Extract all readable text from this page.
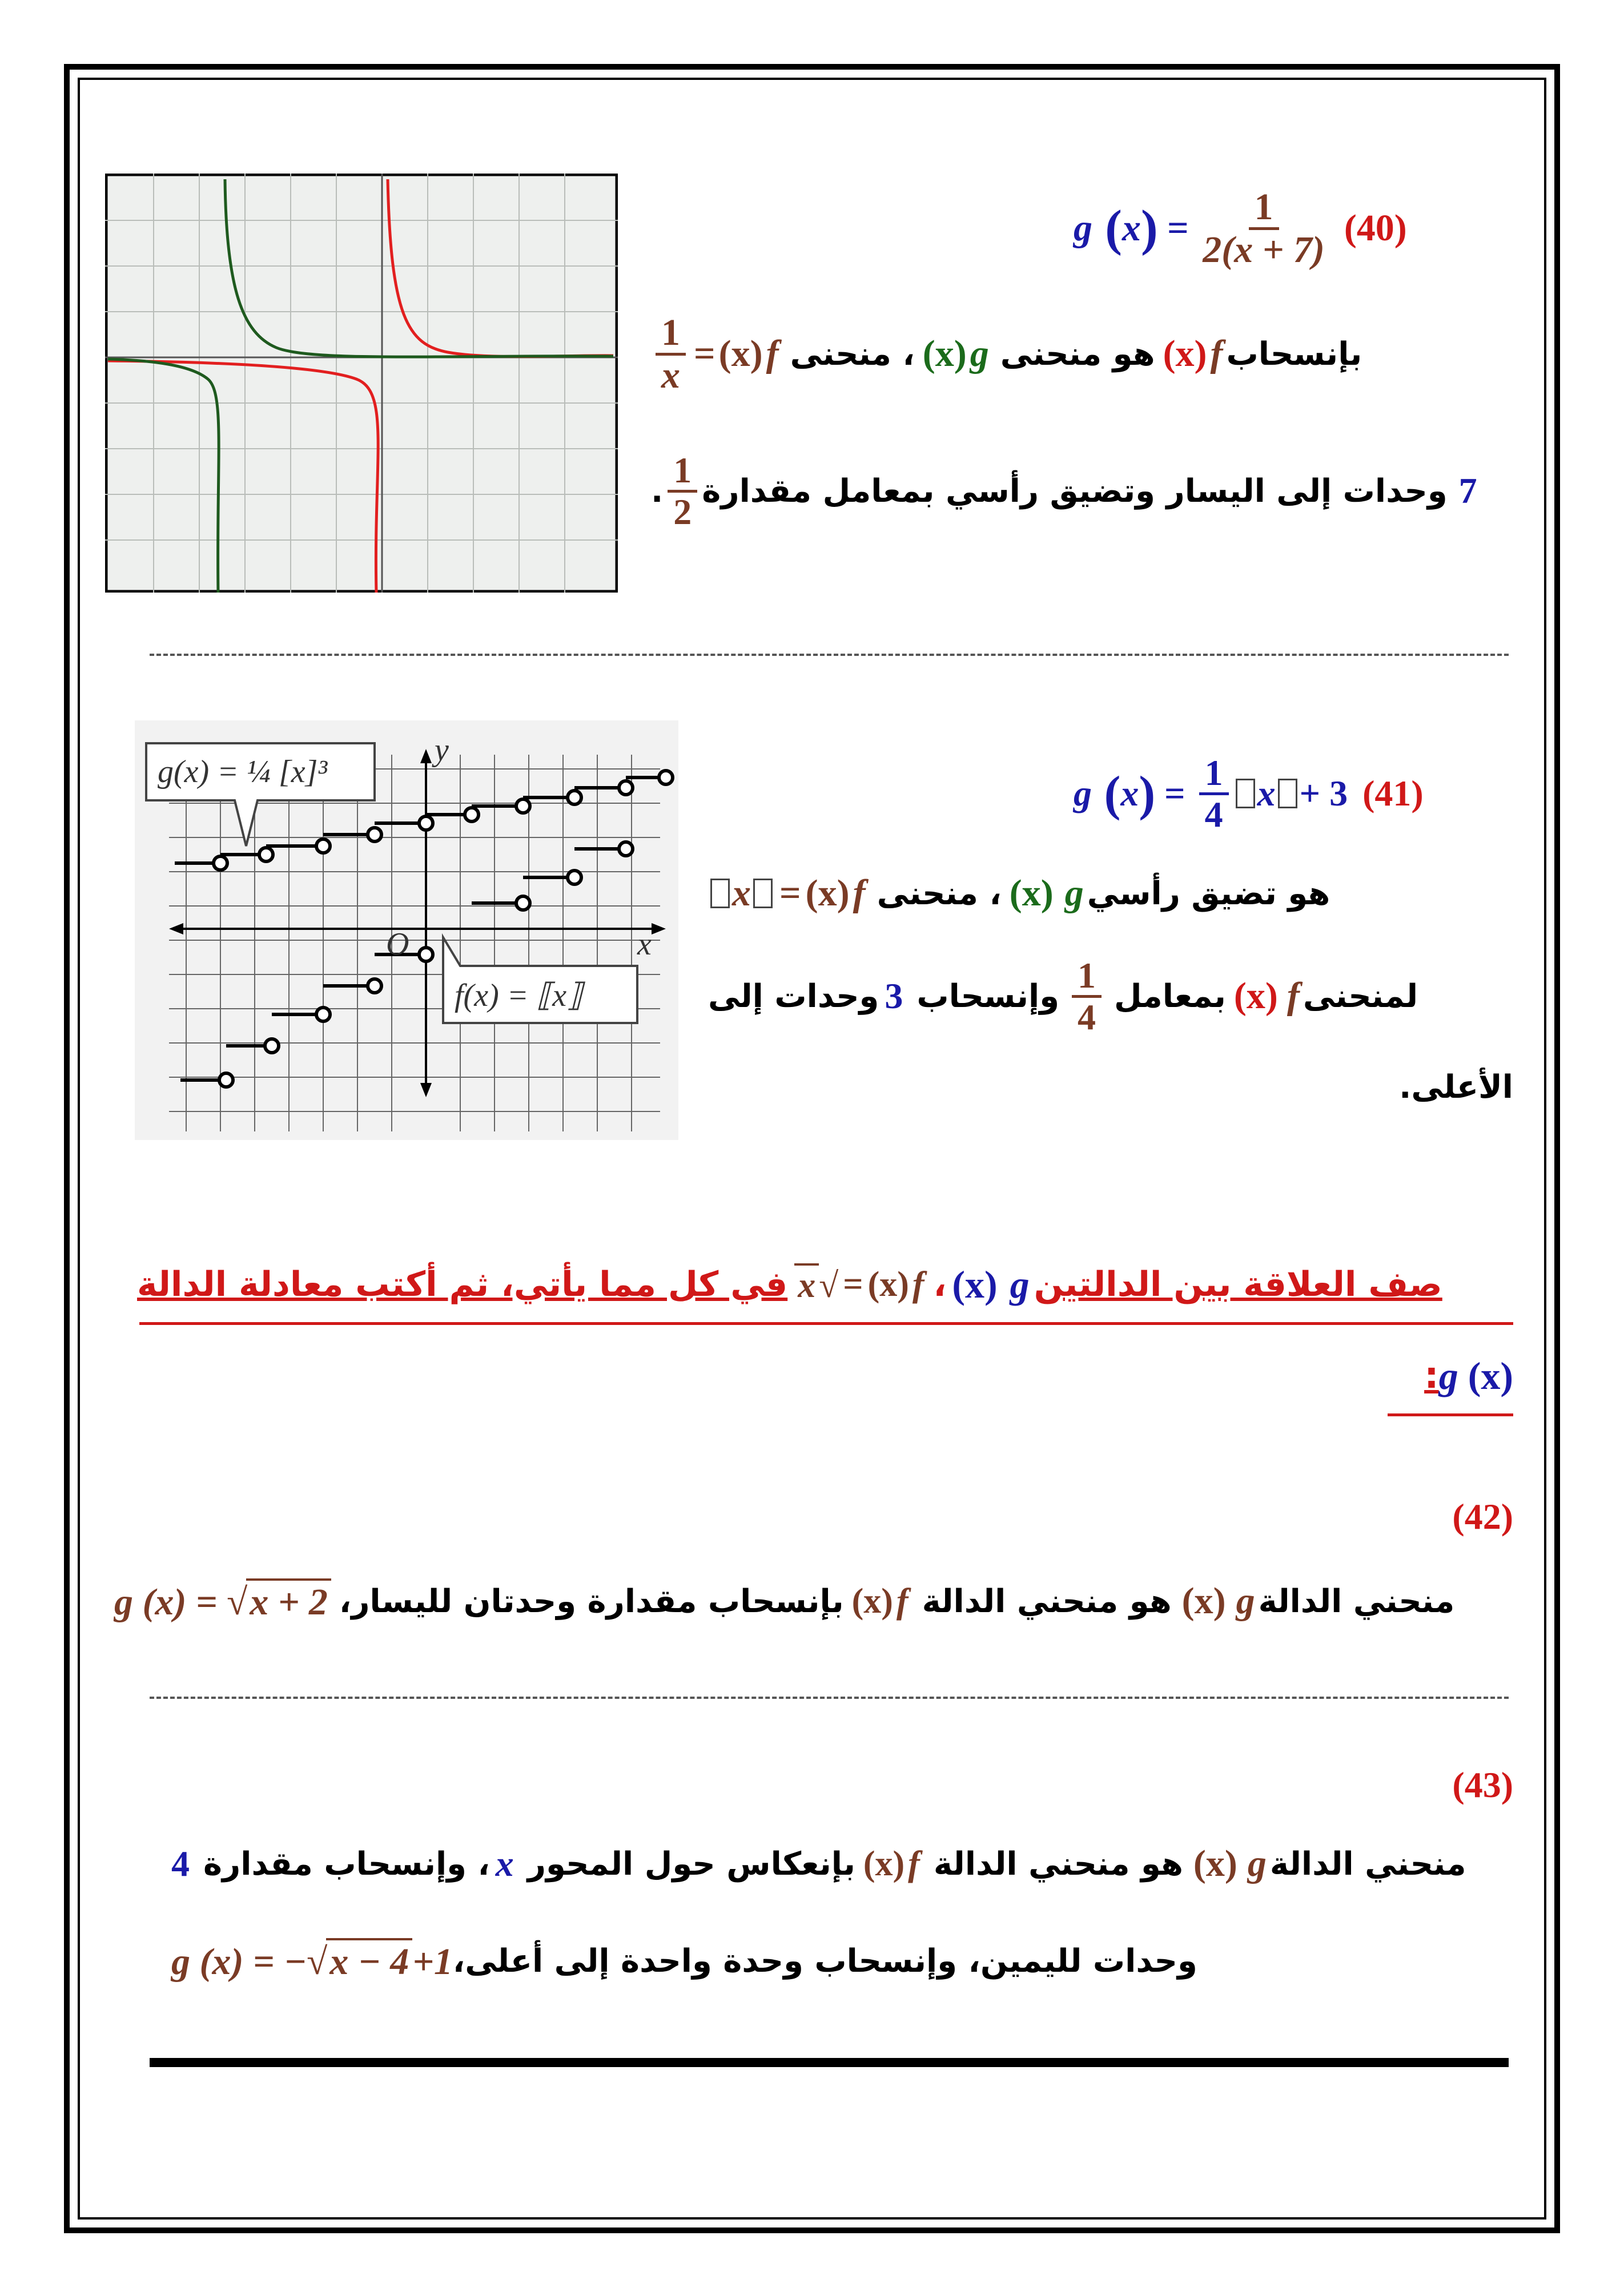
g ( x ) = $\frac{1}{2(x + 7)} (40)$
بإنسحاب
f
(x)
هو منحنى
g
(x)
، منحنى
f
(x)
=
$\frac{1}{x}$
7
وحدات إلى اليسار وتضيق رأسي بمعامل مقدارة
$\frac{1}{2}$
.
g(x) = ¼ [x]³
f(x) = ⟦x⟧
y
x
O
g ( x ) = $\frac{1}{4}$ x + 3 (41)
هو تضيق رأسي
g
(x)
، منحنى
f
(x)
=
x
لمنحنى
f
(x)
بمعامل
$\frac{1}{4}$
وإنسحاب
3
وحدات إلى
الأعلى.
صف العلاقة بين الدالتين
g
(x)
،
f
(x)
=
√x
في كل مما يأتي، ثم أكتب معادلة الدالة
g (x)
:
(42)
منحني الدالة
g
(x)
هو منحني الدالة
f
(x)
بإنسحاب مقدارة وحدتان لليسار،
g (x) = √x + 2
(43)
منحني الدالة
g
(x)
هو منحني الدالة
f
(x)
بإنعكاس حول المحور
x
، وإنسحاب مقدارة
4
وحدات لليمين، وإنسحاب وحدة واحدة إلى أعلى،
g (x) = −√x − 4+1
